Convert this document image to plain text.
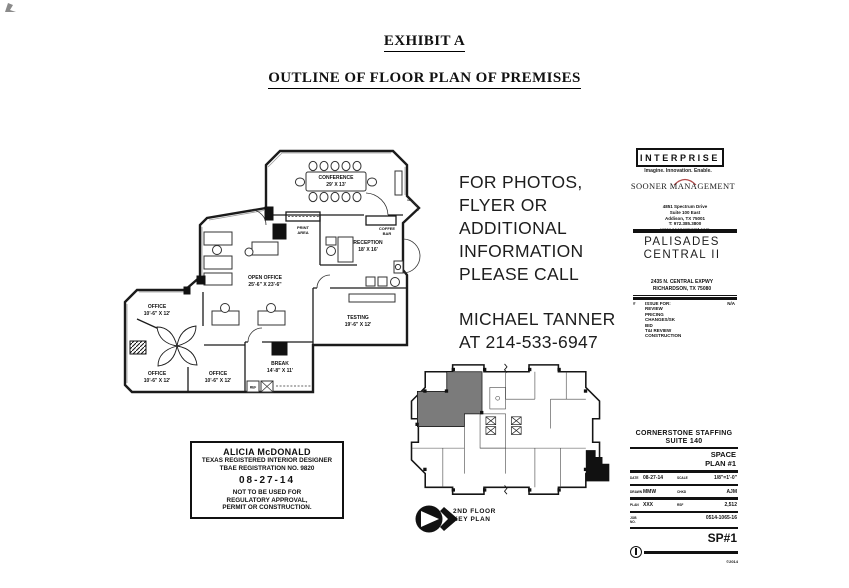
EXHIBIT A
OUTLINE OF FLOOR PLAN OF PREMISES
CONFERENCE
29' X 13'
RECEPTION
18' X 16'
OPEN OFFICE
25'-6" X 23'-6"
OFFICE
10'-6" X 12'
OFFICE
10'-6" X 12'
OFFICE
10'-6" X 12'
BREAK
14'-8" X 11'
TESTING
19'-6" X 12'
PRINT
AREA
COFFEE
BAR
REF
FOR PHOTOS,
FLYER OR
ADDITIONAL
INFORMATION
PLEASE CALL
MICHAEL TANNER
AT 214-533-6947
2ND FLOOR
KEY PLAN
ALICIA McDONALD
TEXAS REGISTERED INTERIOR DESIGNER
TBAE REGISTRATION NO. 9820
08-27-14
NOT TO BE USED FOR
REGULATORY APPROVAL,
PERMIT OR CONSTRUCTION.
INTERPRISE
Imagine. Innovation. Enable.
SOONER MANAGEMENT
4851 Spectrum Drive
Suite 100 East
Addison, TX 75001
T: 972.385.3800
PALISADES
CENTRAL II
2435 N. CENTRAL EXPWY
RICHARDSON, TX 75080
#	ISSUE FOR:	N/A
REVIEW
PRICING
CHANGES/SK
BID
T&I REVIEW
CONSTRUCTION
CORNERSTONE STAFFING
SUITE 140
SPACE
PLAN #1
DATE 08-27-14	SCALE	1/8"=1'-0"
DRAWN MMW	CHKD	AJM
PLAN XXX	RSF	2,512
JOB NO.
0514-1065-16
SP#1
©2014
